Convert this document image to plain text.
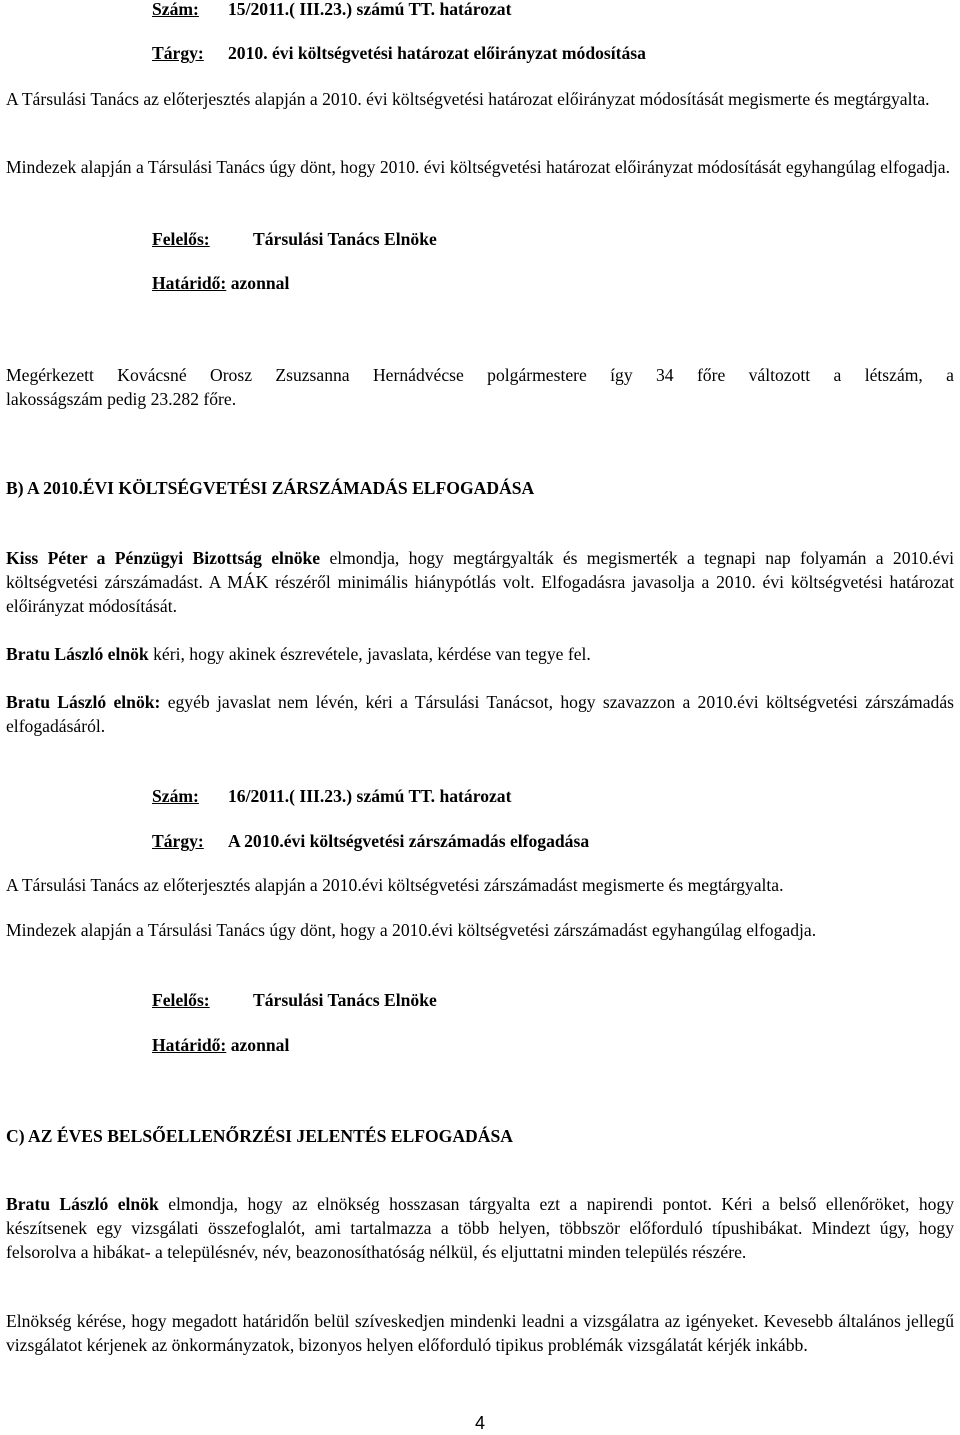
Szám: 15/2011.( III.23.) számú TT. határozat
Tárgy: 2010. évi költségvetési határozat előirányzat módosítása
A Társulási Tanács az előterjesztés alapján a 2010. évi költségvetési határozat előirányzat módosítását megismerte és megtárgyalta.
Mindezek alapján a Társulási Tanács úgy dönt, hogy 2010. évi költségvetési határozat előirányzat módosítását egyhangúlag elfogadja.
Felelős: Társulási Tanács Elnöke
Határidő: azonnal
Megérkezett Kovácsné Orosz Zsuzsanna Hernádvécse polgármestere így 34 főre változott a létszám, a
lakosságszám pedig 23.282 főre.
B) A 2010.ÉVI KÖLTSÉGVETÉSI ZÁRSZÁMADÁS ELFOGADÁSA
Kiss Péter a Pénzügyi Bizottság elnöke elmondja, hogy megtárgyalták és megismerték a tegnapi nap folyamán a 2010.évi költségvetési zárszámadást. A MÁK részéről minimális hiánypótlás volt. Elfogadásra javasolja a 2010. évi költségvetési határozat előirányzat módosítását.
Bratu László elnök kéri, hogy akinek észrevétele, javaslata, kérdése van tegye fel.
Bratu László elnök: egyéb javaslat nem lévén, kéri a Társulási Tanácsot, hogy szavazzon a 2010.évi költségvetési zárszámadás elfogadásáról.
Szám: 16/2011.( III.23.) számú TT. határozat
Tárgy: A 2010.évi költségvetési zárszámadás elfogadása
A Társulási Tanács az előterjesztés alapján a 2010.évi költségvetési zárszámadást megismerte és megtárgyalta.
Mindezek alapján a Társulási Tanács úgy dönt, hogy a 2010.évi költségvetési zárszámadást egyhangúlag elfogadja.
Felelős: Társulási Tanács Elnöke
Határidő: azonnal
C) AZ ÉVES BELSŐELLENŐRZÉSI JELENTÉS ELFOGADÁSA
Bratu László elnök elmondja, hogy az elnökség hosszasan tárgyalta ezt a napirendi pontot. Kéri a belső ellenőröket, hogy készítsenek egy vizsgálati összefoglalót, ami tartalmazza a több helyen, többször előforduló típushibákat. Mindezt úgy, hogy felsorolva a hibákat- a településnév, név, beazonosíthatóság nélkül, és eljuttatni minden település részére.
Elnökség kérése, hogy megadott határidőn belül szíveskedjen mindenki leadni a vizsgálatra az igényeket. Kevesebb általános jellegű vizsgálatot kérjenek az önkormányzatok, bizonyos helyen előforduló tipikus problémák vizsgálatát kérjék inkább.
4
